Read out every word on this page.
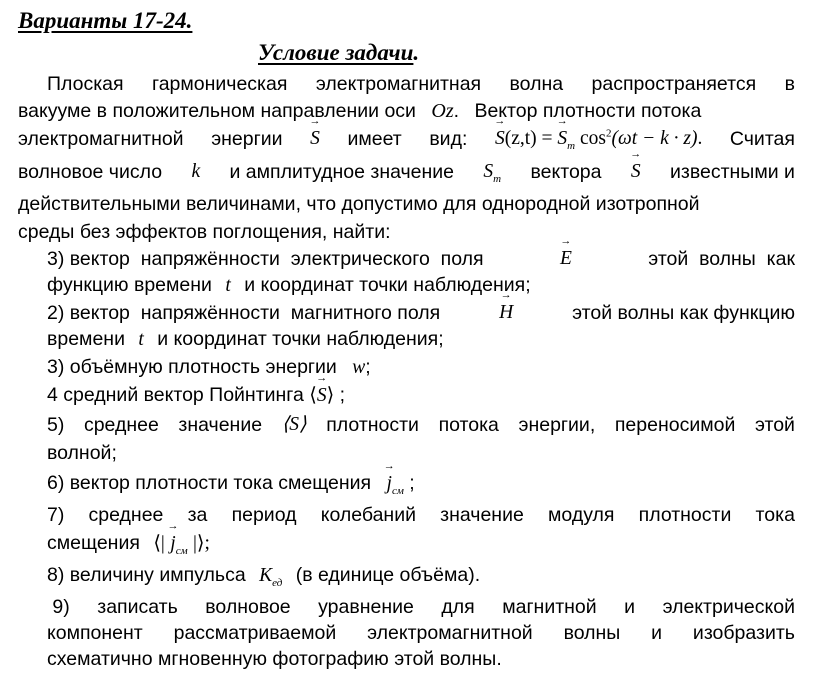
Варианты 17-24.
Условие задачи.
Плоская гармоническая электромагнитная волна распространяется в
вакууме в положительном направлении оси Oz. Вектор плотности потока
электромагнитной энергии → S имеет вид: → S(z,t) = → $S_m$ $\cos^2(\omega t - k \cdot z)$. Считая
волновое число k и амплитудное значение $S_m$ вектора → S известными и
действительными величинами, что допустимо для однородной изотропной
среды без эффектов поглощения, найти:
3) вектор  напряжённости  электрического  поля	→ E	этой  волны  как
функцию времени t и координат точки наблюдения;
2) вектор  напряжённости  магнитного поля	→ H	этой волны как функцию
времени t и координат точки наблюдения;
3) объёмную плотность энергии w;
4 средний вектор Пойнтинга ⟨→ S⟩ ;
5) среднее значение ⟨S⟩ плотности потока энергии, переносимой этой
волной;
6) вектор плотности тока смещения → $j_{см}$ ;
7) среднее за период колебаний значение модуля плотности тока
смещения ⟨| → $j_{см}$ |⟩;
8) величину импульса $K_{ед}$ (в единице объёма).
9) записать волновое уравнение для магнитной и электрической
компонент рассматриваемой электромагнитной волны и изобразить
схематично мгновенную фотографию этой волны.
